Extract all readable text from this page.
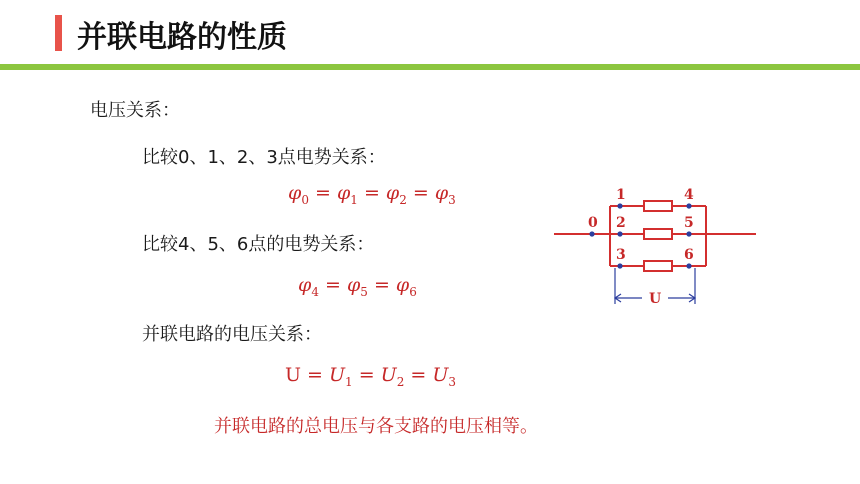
并联电路的性质
电压关系：
比较0、1、2、3点电势关系：
$\varphi_0 = \varphi_1 = \varphi_2 = \varphi_3$
比较4、5、6点的电势关系：
$\varphi_4 = \varphi_5 = \varphi_6$
并联电路的电压关系：
$U = U_1 = U_2 = U_3$
并联电路的总电压与各支路的电压相等。
0
1
2
3
4
5
6
U
